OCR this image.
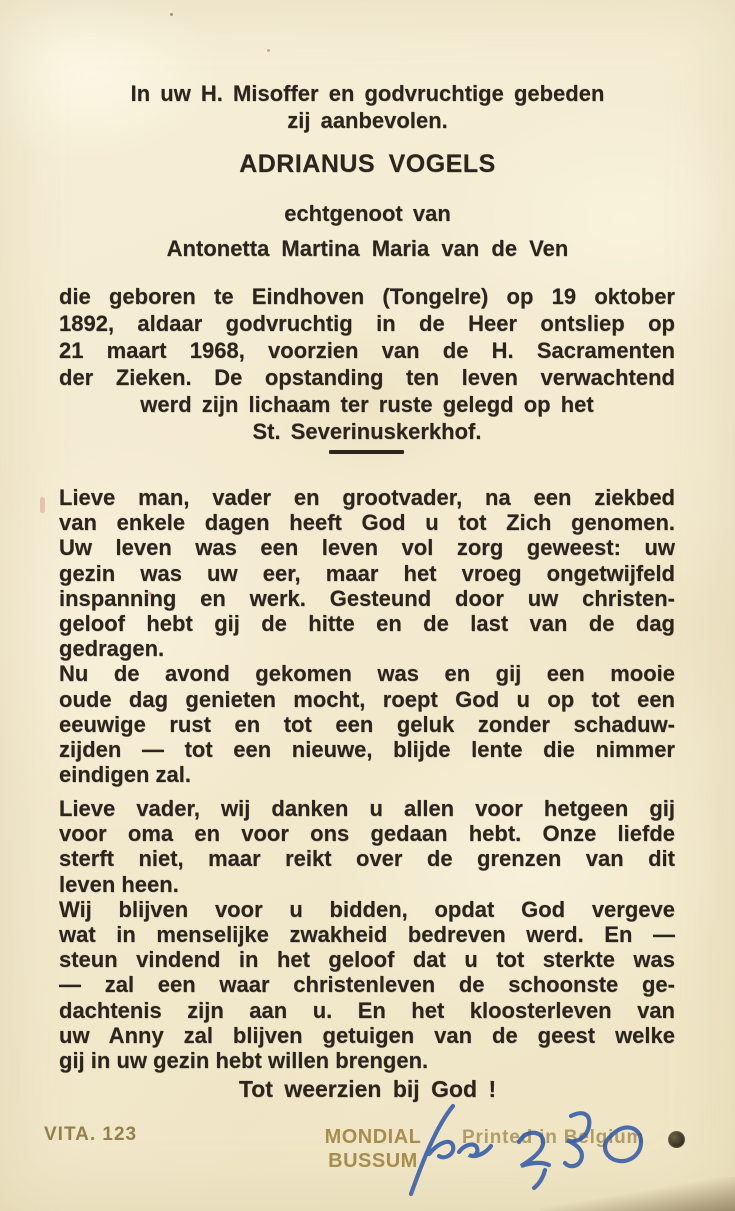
In uw H. Misoffer en godvruchtige gebeden
zij aanbevolen.
ADRIANUS VOGELS
echtgenoot van
Antonetta Martina Maria van de Ven
die geboren te Eindhoven (Tongelre) op 19 oktober
1892, aldaar godvruchtig in de Heer ontsliep op
21 maart 1968, voorzien van de H. Sacramenten
der Zieken. De opstanding ten leven verwachtend
werd zijn lichaam ter ruste gelegd op het
St. Severinuskerkhof.
Lieve man, vader en grootvader, na een ziekbed
van enkele dagen heeft God u tot Zich genomen.
Uw leven was een leven vol zorg geweest: uw
gezin was uw eer, maar het vroeg ongetwijfeld
inspanning en werk. Gesteund door uw christen-
geloof hebt gij de hitte en de last van de dag
gedragen.
Nu de avond gekomen was en gij een mooie
oude dag genieten mocht, roept God u op tot een
eeuwige rust en tot een geluk zonder schaduw-
zijden — tot een nieuwe, blijde lente die nimmer
eindigen zal.
Lieve vader, wij danken u allen voor hetgeen gij
voor oma en voor ons gedaan hebt. Onze liefde
sterft niet, maar reikt over de grenzen van dit
leven heen.
Wij blijven voor u bidden, opdat God vergeve
wat in menselijke zwakheid bedreven werd. En —
steun vindend in het geloof dat u tot sterkte was
— zal een waar christenleven de schoonste ge-
dachtenis zijn aan u. En het kloosterleven van
uw Anny zal blijven getuigen van de geest welke
gij in uw gezin hebt willen brengen.
Tot weerzien bij God !
VITA. 123	MONDIAL
BUSSUM
Printed in Belgium
